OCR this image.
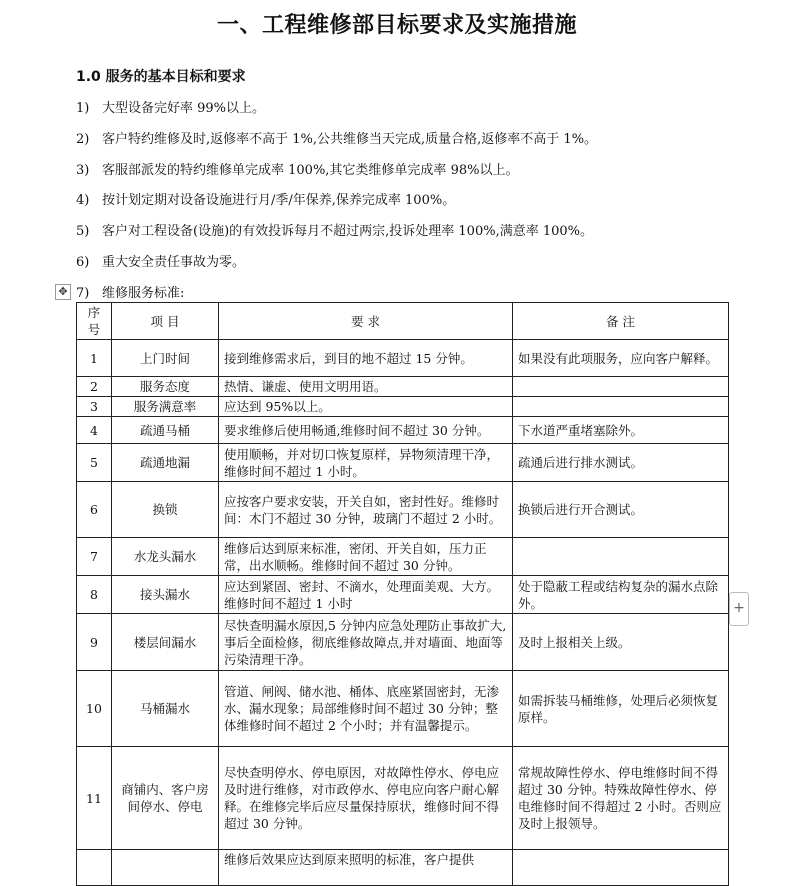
一、工程维修部目标要求及实施措施
1.0 服务的基本目标和要求
1) 大型设备完好率 99%以上。
2) 客户特约维修及时,返修率不高于 1%,公共维修当天完成,质量合格,返修率不高于 1%。
3) 客服部派发的特约维修单完成率 100%,其它类维修单完成率 98%以上。
4) 按计划定期对设备设施进行月/季/年保养,保养完成率 100%。
5) 客户对工程设备(设施)的有效投诉每月不超过两宗,投诉处理率 100%,满意率 100%。
6) 重大安全责任事故为零。
7) 维修服务标准:
✥
+
序号	项 目	要 求	备 注
1	上门时间	接到维修需求后，到目的地不超过 15 分钟。	如果没有此项服务，应向客户解释。
2	服务态度	热情、谦虚、使用文明用语。	
3	服务满意率	应达到 95%以上。	
4	疏通马桶	要求维修后使用畅通,维修时间不超过 30 分钟。	下水道严重堵塞除外。
5	疏通地漏	使用顺畅，并对切口恢复原样，异物须清理干净，维修时间不超过 1 小时。	疏通后进行排水测试。
6	换锁	应按客户要求安装，开关自如，密封性好。维修时间：木门不超过 30 分钟，玻璃门不超过 2 小时。	换锁后进行开合测试。
7	水龙头漏水	维修后达到原来标准，密闭、开关自如，压力正常，出水顺畅。维修时间不超过 30 分钟。	
8	接头漏水	应达到紧固、密封、不滴水，处理面美观、大方。维修时间不超过 1 小时	处于隐蔽工程或结构复杂的漏水点除外。
9	楼层间漏水	尽快查明漏水原因,5 分钟内应急处理防止事故扩大,事后全面检修，彻底维修故障点,并对墙面、地面等污染清理干净。	及时上报相关上级。
10	马桶漏水	管道、闸阀、储水池、桶体、底座紧固密封，无渗水、漏水现象；局部维修时间不超过 30 分钟；整体维修时间不超过 2 个小时；并有温馨提示。	如需拆装马桶维修，处理后必须恢复原样。
11	商铺内、客户房间停水、停电	尽快查明停水、停电原因，对故障性停水、停电应及时进行维修，对市政停水、停电应向客户耐心解释。在维修完毕后应尽量保持原状，维修时间不得超过 30 分钟。	常规故障性停水、停电维修时间不得超过 30 分钟。特殊故障性停水、停电维修时间不得超过 2 小时。否则应及时上报领导。
		维修后效果应达到原来照明的标准，客户提供	
